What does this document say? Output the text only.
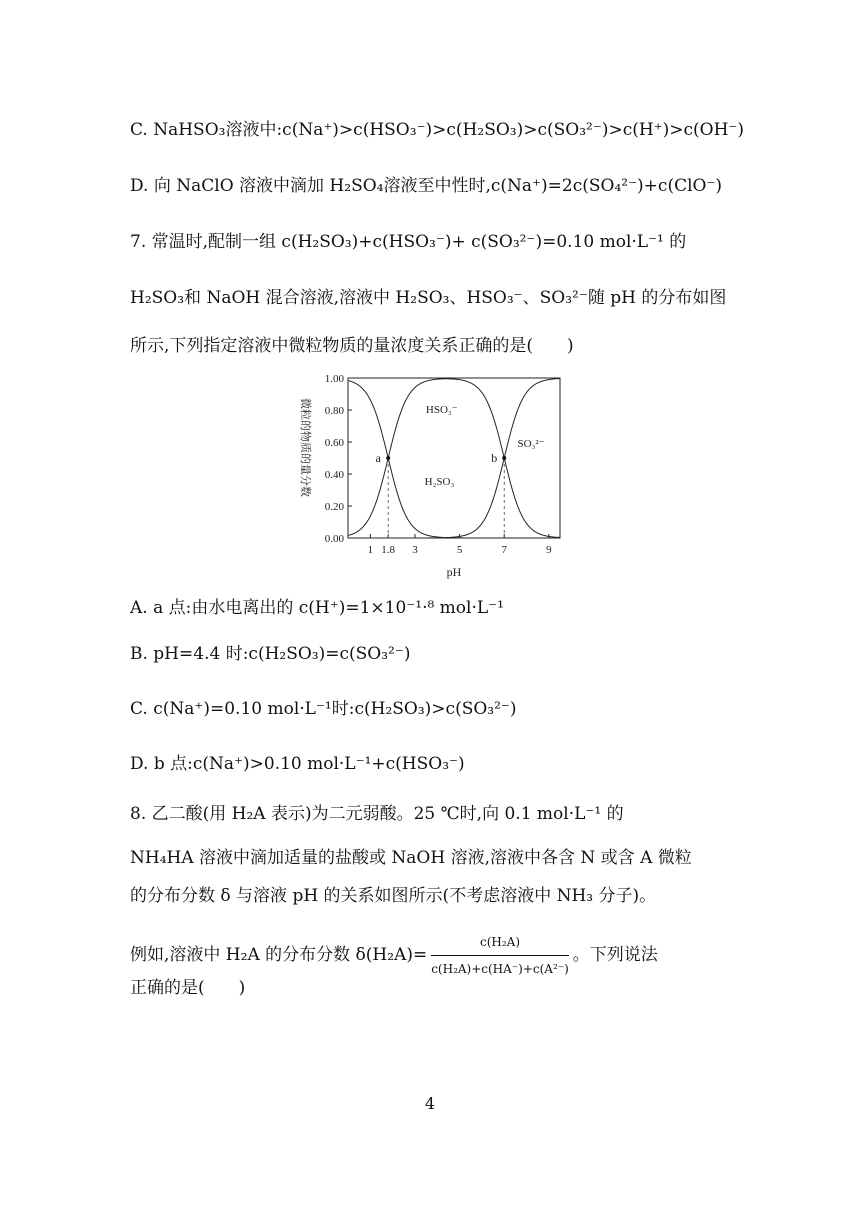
C. NaHSO₃溶液中:c(Na⁺)>c(HSO₃⁻)>c(H₂SO₃)>c(SO₃²⁻)>c(H⁺)>c(OH⁻)
D. 向 NaClO 溶液中滴加 H₂SO₄溶液至中性时,c(Na⁺)=2c(SO₄²⁻)+c(ClO⁻)
7. 常温时,配制一组 c(H₂SO₃)+c(HSO₃⁻)+ c(SO₃²⁻)=0.10 mol·L⁻¹ 的
H₂SO₃和 NaOH 混合溶液,溶液中 H₂SO₃、HSO₃⁻、SO₃²⁻随 pH 的分布如图
所示,下列指定溶液中微粒物质的量浓度关系正确的是(　　)
微粒的物质的量分数
0.00
0.20
0.40
0.60
0.80
1.00
1 1.8 3	5	7	9
a	b
H₂SO₃
HSO₃⁻
SO₃²⁻
pH
A. a 点:由水电离出的 c(H⁺)=1×10⁻¹·⁸ mol·L⁻¹
B. pH=4.4 时:c(H₂SO₃)=c(SO₃²⁻)
C. c(Na⁺)=0.10 mol·L⁻¹时:c(H₂SO₃)>c(SO₃²⁻)
D. b 点:c(Na⁺)>0.10 mol·L⁻¹+c(HSO₃⁻)
8. 乙二酸(用 H₂A 表示)为二元弱酸。25 ℃时,向 0.1 mol·L⁻¹ 的
NH₄HA 溶液中滴加适量的盐酸或 NaOH 溶液,溶液中各含 N 或含 A 微粒
的分布分数 δ 与溶液 pH 的关系如图所示(不考虑溶液中 NH₃ 分子)。
例如,溶液中 H₂A 的分布分数 $\delta(H_2A)= \frac{\text{c(H₂A)}}{\text{c(H₂A)+c(HA⁻)+c(A²⁻)}}$ 。下列说法
正确的是(　　)
4
